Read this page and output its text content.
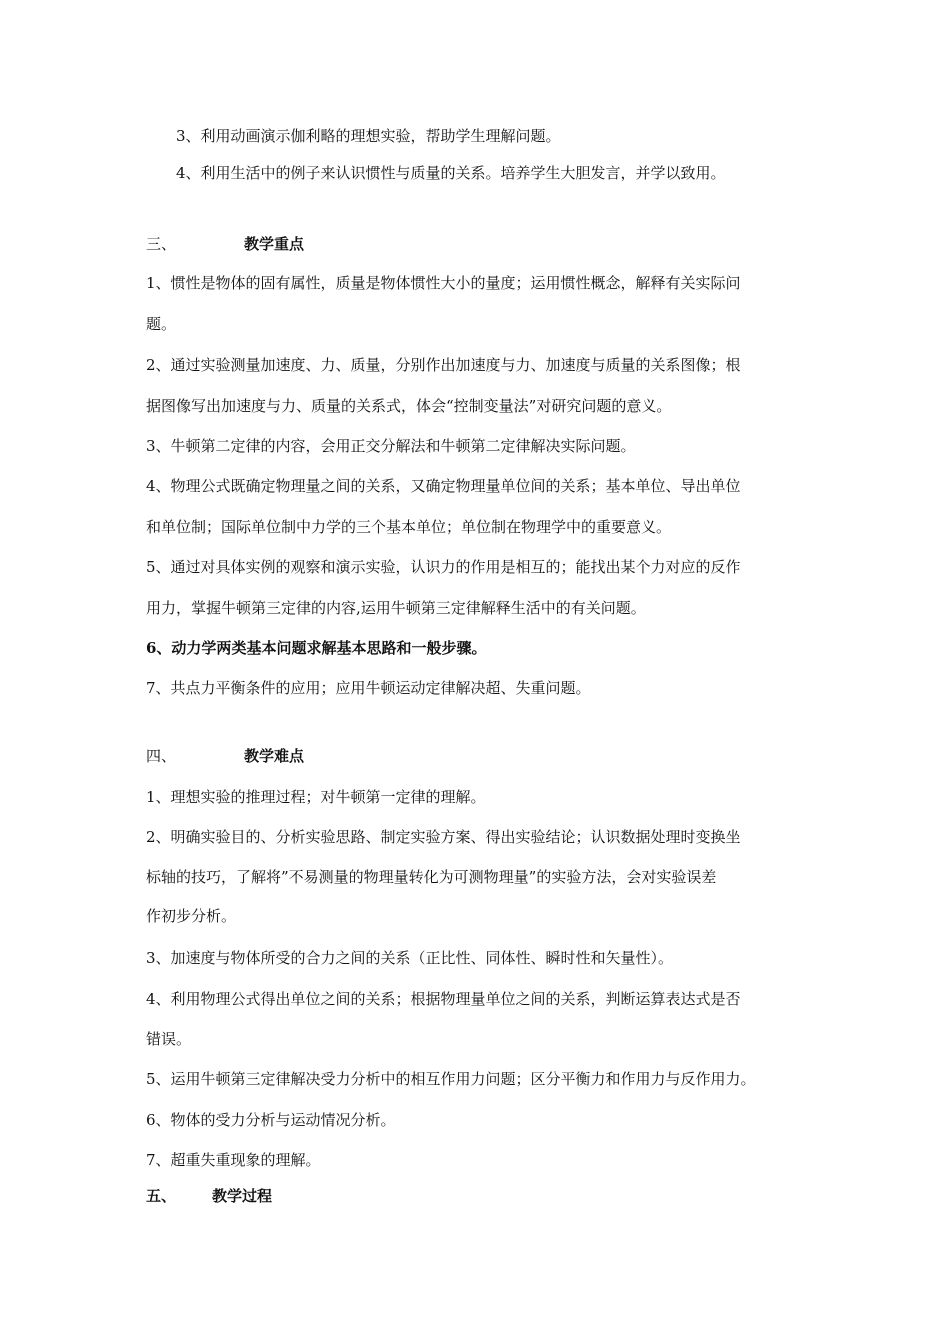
3、利用动画演示伽利略的理想实验，帮助学生理解问题。
4、利用生活中的例子来认识惯性与质量的关系。培养学生大胆发言，并学以致用。
三、	教学重点
1、惯性是物体的固有属性，质量是物体惯性大小的量度；运用惯性概念，解释有关实际问
题。
2、通过实验测量加速度、力、质量，分别作出加速度与力、加速度与质量的关系图像；根
据图像写出加速度与力、质量的关系式，体会“控制变量法”对研究问题的意义。
3、牛顿第二定律的内容，会用正交分解法和牛顿第二定律解决实际问题。
4、物理公式既确定物理量之间的关系，又确定物理量单位间的关系；基本单位、导出单位
和单位制；国际单位制中力学的三个基本单位；单位制在物理学中的重要意义。
5、通过对具体实例的观察和演示实验，认识力的作用是相互的；能找出某个力对应的反作
用力，掌握牛顿第三定律的内容,运用牛顿第三定律解释生活中的有关问题。
6、动力学两类基本问题求解基本思路和一般步骤。
7、共点力平衡条件的应用；应用牛顿运动定律解决超、失重问题。
四、	教学难点
1、理想实验的推理过程；对牛顿第一定律的理解。
2、明确实验目的、分析实验思路、制定实验方案、得出实验结论；认识数据处理时变换坐
标轴的技巧，了解将”不易测量的物理量转化为可测物理量”的实验方法，会对实验误差
作初步分析。
3、加速度与物体所受的合力之间的关系（正比性、同体性、瞬时性和矢量性）。
4、利用物理公式得出单位之间的关系；根据物理量单位之间的关系，判断运算表达式是否
错误。
5、运用牛顿第三定律解决受力分析中的相互作用力问题；区分平衡力和作用力与反作用力。
6、物体的受力分析与运动情况分析。
7、超重失重现象的理解。
五、 教学过程
